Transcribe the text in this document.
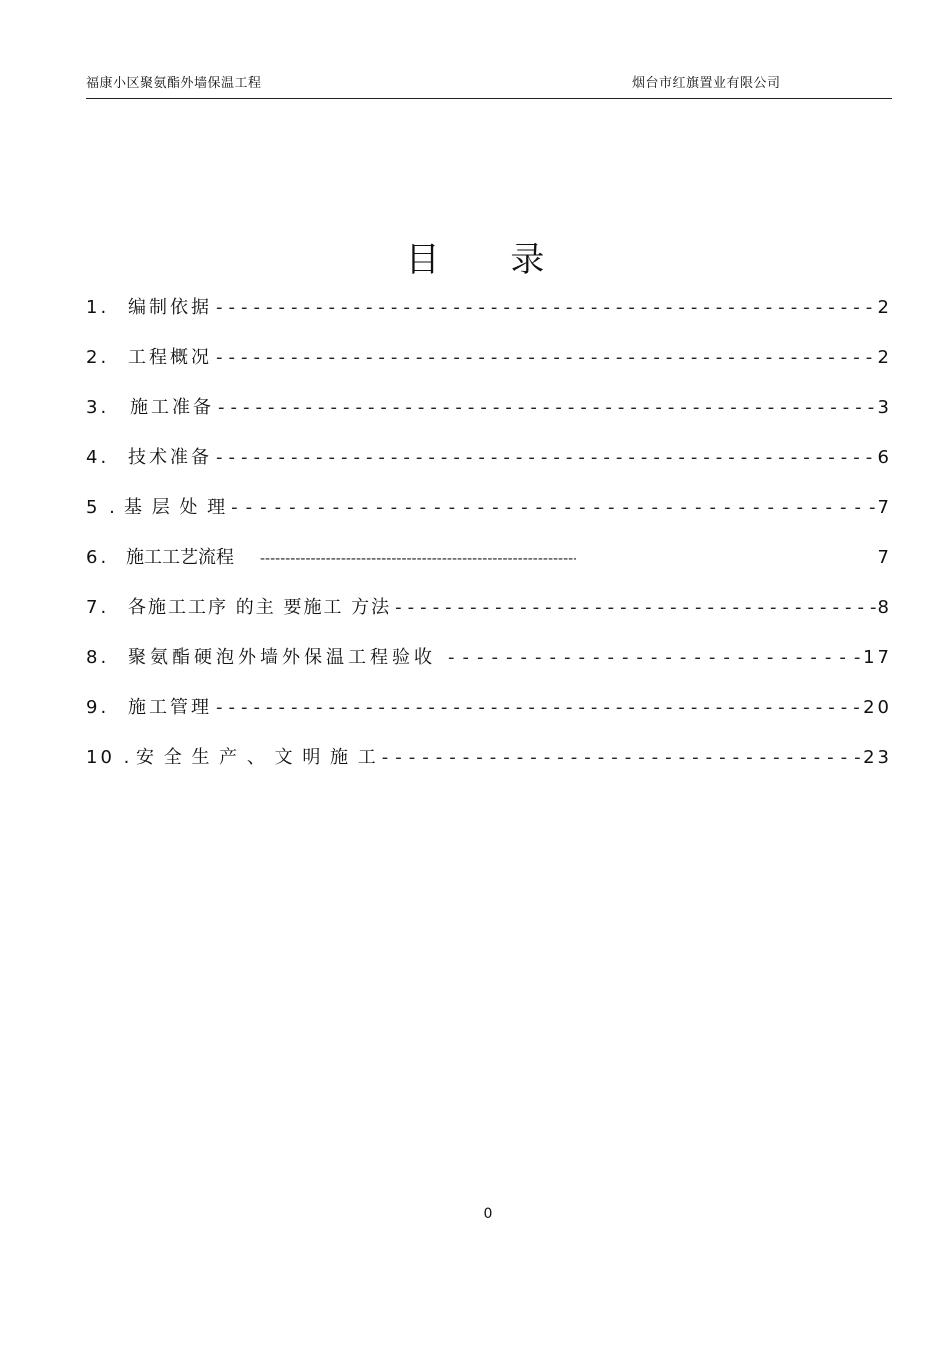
福康小区聚氨酯外墙保温工程	烟台市红旗置业有限公司
目 录
1.	编制依据 -----	2
2.	工程概况 -----	2
3.	施工准备 -----	3
4.	技术准备 -----	6
5 . 基 层 处 理 -----	7
6. 施工工艺流程 -----	7
7.	各施工工序 的主 要施工 方法 -----	8
8.	聚氨酯硬泡外墙外保温工程验收 -----	17
9.	施工管理 -----	20
10 . 安 全 生 产 、 文 明 施 工 -----	23
0
